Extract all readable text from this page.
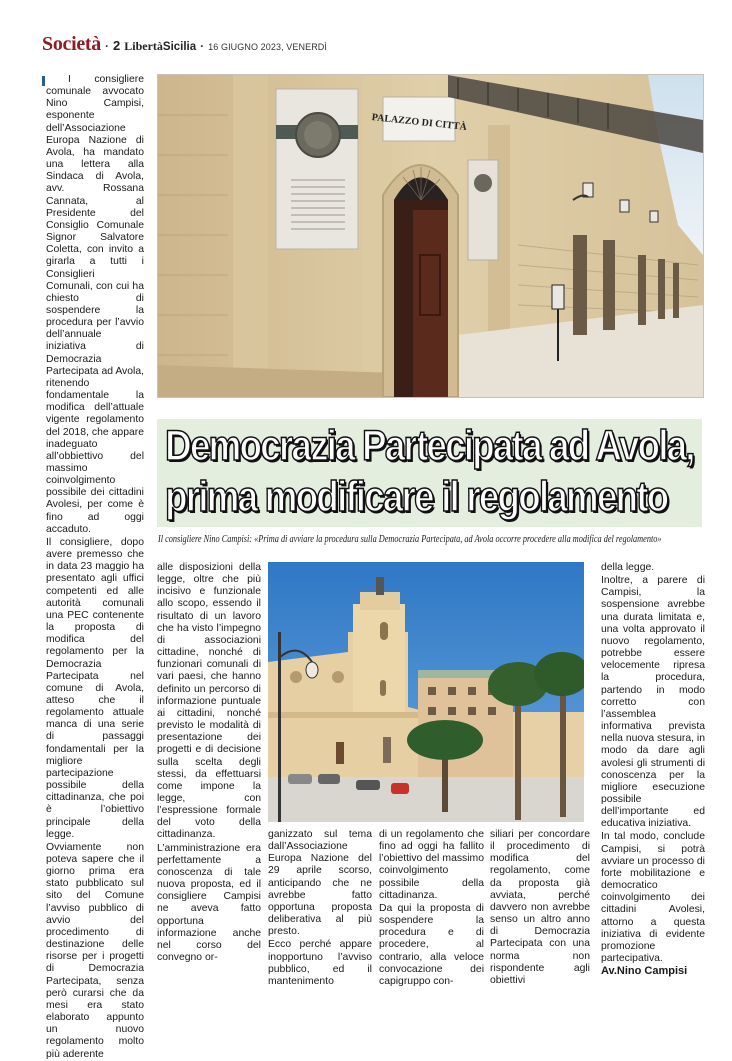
Società · 2 LibertàSicilia · 16 GIUGNO 2023, VENERDÌ

I consigliere comunale avvocato Nino Campisi, esponente dell’Associazione Europa Nazione di Avola, ha mandato una lettera alla Sindaca di Avola, avv. Rossana Cannata, al Presidente del Consiglio Comunale Signor Salvatore Coletta, con invito a girarla a tutti i Consiglieri Comunali, con cui ha chiesto di sospendere la procedura per l’avvio dell’annuale iniziativa di Democrazia Partecipata ad Avola, ritenendo fondamentale la modifica dell’attuale vigente regolamento del 2018, che appare inadeguato all’obbiettivo del massimo coinvolgimento possibile dei cittadini Avolesi, per come è fino ad oggi accaduto.

Il consigliere, dopo avere premesso che in data 23 maggio ha presentato agli uffici competenti ed alle autorità comunali una PEC contenente la proposta di modifica del regolamento per la Democrazia Partecipata nel comune di Avola, atteso che il regolamento attuale manca di una serie di passaggi fondamentali per la migliore partecipazione possibile della cittadinanza, che poi è l’obiettivo principale della legge.

Ovviamente non poteva sapere che il giorno prima era stato pubblicato sul sito del Comune l’avviso pubblico di avvio del procedimento di destinazione delle risorse per i progetti di Democrazia Partecipata, senza però curarsi che da mesi era stato elaborato appunto un nuovo regolamento molto più aderente

PALAZZO DI CITTÀ
Democrazia Partecipata ad Avola,
prima modificare il regolamento
Il consigliere Nino Campisi: «Prima di avviare la procedura sulla Democrazia Partecipata, ad Avola occorre procedere alla modifica del regolamento»

alle disposizioni della legge, oltre che più incisivo e funzionale allo scopo, essendo il risultato di un lavoro che ha visto l’impegno di associazioni cittadine, nonché di funzionari comunali di vari paesi, che hanno definito un percorso di informazione puntuale ai cittadini, nonché previsto le modalità di presentazione dei progetti e di decisione sulla scelta degli stessi, da effettuarsi come impone la legge, con l’espressione formale del voto della cittadinanza.

L’amministrazione era perfettamente a conoscenza di tale nuova proposta, ed il consigliere Campisi ne aveva fatto opportuna informazione anche nel corso del convegno or-

ganizzato sul tema dall’Associazione Europa Nazione del 29 aprile scorso, anticipando che ne avrebbe fatto opportuna proposta deliberativa al più presto.

Ecco perché appare inopportuno l’avviso pubblico, ed il mantenimento

di un regolamento che fino ad oggi ha fallito l’obiettivo del massimo coinvolgimento possibile della cittadinanza.

Da qui la proposta di sospendere la procedura e di procedere, al contrario, alla veloce convocazione dei capigruppo con-

siliari per concordare il procedimento di modifica del regolamento, come da proposta già avviata, perché davvero non avrebbe senso un altro anno di Democrazia Partecipata con una norma non rispondente agli obiettivi

della legge.

Inoltre, a parere di Campisi, la sospensione avrebbe una durata limitata e, una volta approvato il nuovo regolamento, potrebbe essere velocemente ripresa la procedura, partendo in modo corretto con l’assemblea informativa prevista nella nuova stesura, in modo da dare agli avolesi gli strumenti di conoscenza per la migliore esecuzione possibile dell’importante ed educativa iniziativa.

In tal modo, conclude Campisi, si potrà avviare un processo di forte mobilitazione e democratico coinvolgimento dei cittadini Avolesi, attorno a questa iniziativa di evidente promozione partecipativa.

Av.Nino Campisi
